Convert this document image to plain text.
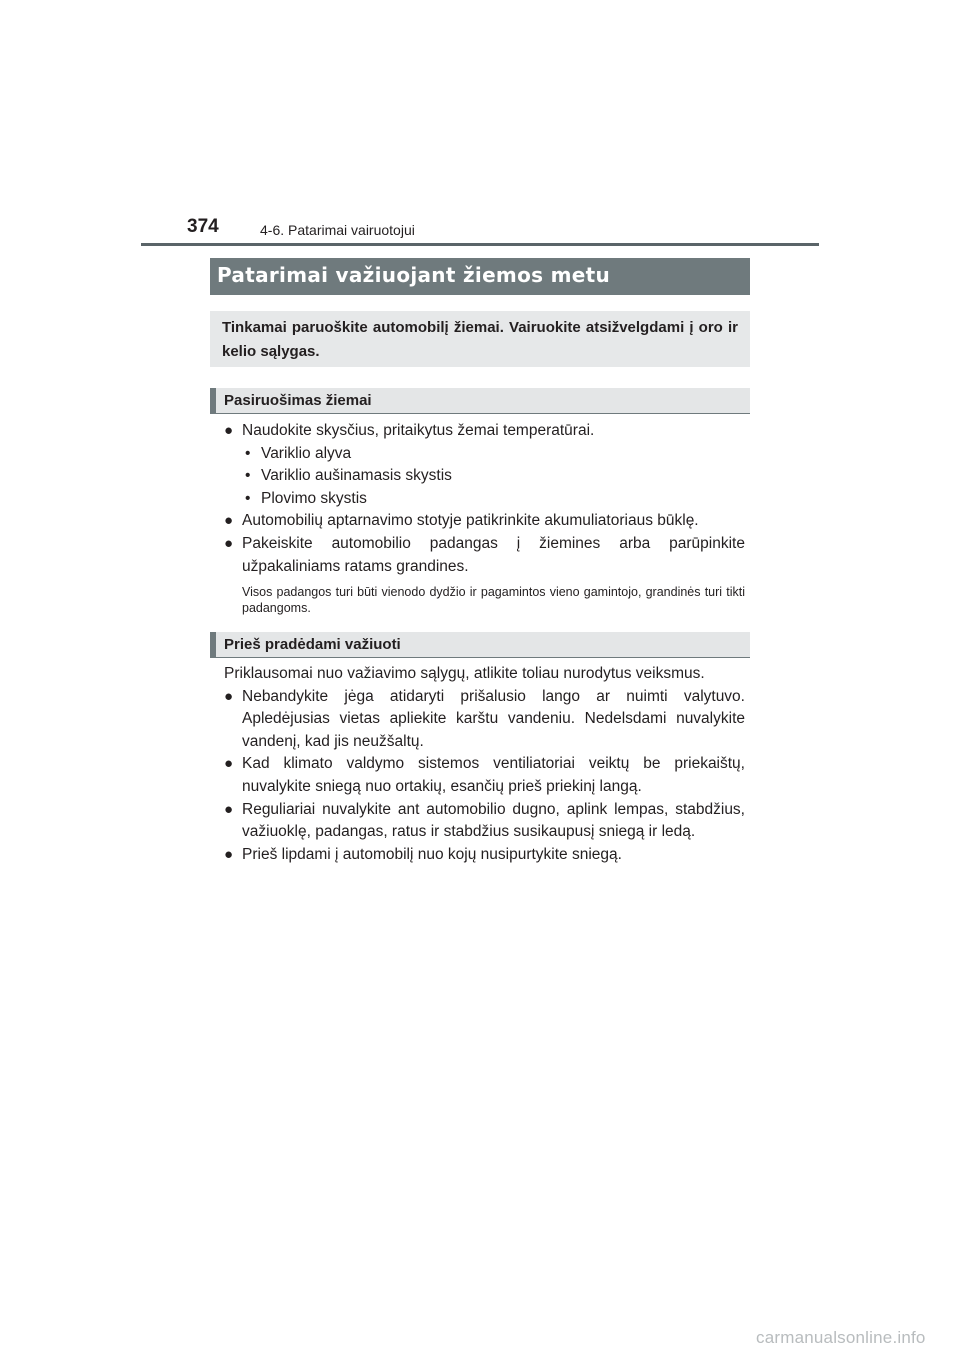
374	4-6. Patarimai vairuotojui
Patarimai važiuojant žiemos metu
Tinkamai paruoškite automobilį žiemai. Vairuokite atsižvelgdami į oro ir kelio sąlygas.
Pasiruošimas žiemai
● Naudokite skysčius, pritaikytus žemai temperatūrai.
• Variklio alyva
• Variklio aušinamasis skystis
• Plovimo skystis
● Automobilių aptarnavimo stotyje patikrinkite akumuliatoriaus būklę.
● Pakeiskite automobilio padangas į žiemines arba parūpinkite užpakaliniams ratams grandines.
Visos padangos turi būti vienodo dydžio ir pagamintos vieno gamintojo, grandinės turi tikti padangoms.
Prieš pradėdami važiuoti
Priklausomai nuo važiavimo sąlygų, atlikite toliau nurodytus veiksmus.
● Nebandykite jėga atidaryti prišalusio lango ar nuimti valytuvo. Apledėjusias vietas apliekite karštu vandeniu. Nedelsdami nuvalykite vandenį, kad jis neužšaltų.
● Kad klimato valdymo sistemos ventiliatoriai veiktų be priekaištų, nuvalykite sniegą nuo ortakių, esančių prieš priekinį langą.
● Reguliariai nuvalykite ant automobilio dugno, aplink lempas, stabdžius, važiuoklę, padangas, ratus ir stabdžius susikaupusį sniegą ir ledą.
● Prieš lipdami į automobilį nuo kojų nusipurtykite sniegą.
carmanualsonline.info
